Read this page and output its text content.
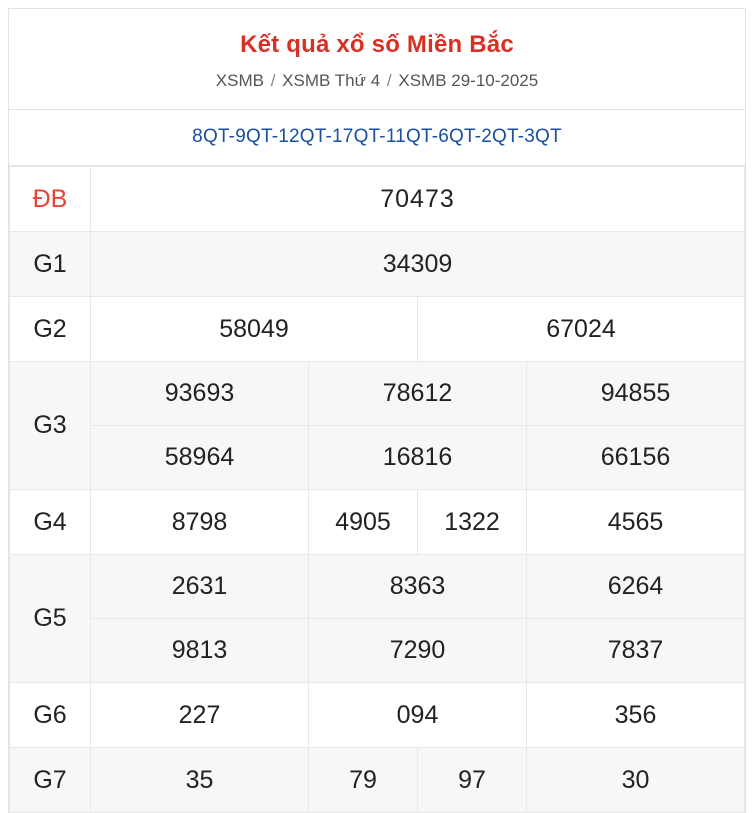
Kết quả xổ số Miền Bắc
XSMB / XSMB Thứ 4 / XSMB 29-10-2025
8QT-9QT-12QT-17QT-11QT-6QT-2QT-3QT
ĐB	70473			
G1	34309			
G2	58049		67024	
G3	93693	78612		94855
	58964	16816		66156
G4	8798	4905	1322	4565
G5	2631	8363		6264
	9813	7290		7837
G6	227	094		356
G7	35	79	97	30
